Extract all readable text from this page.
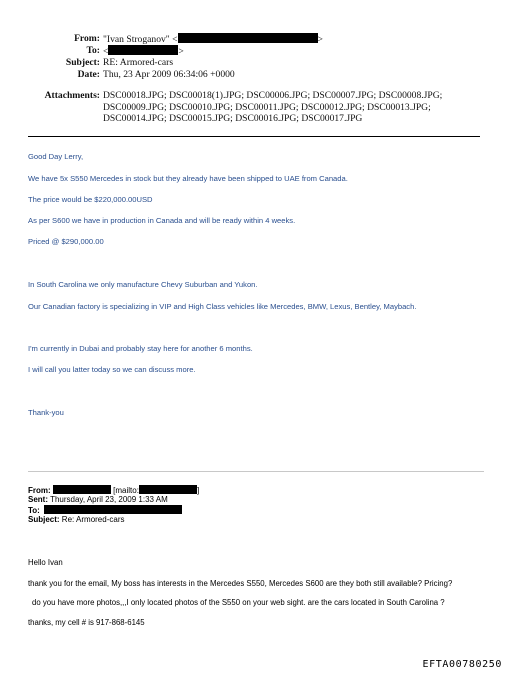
From: "Ivan Stroganov" <	>
To: <	>
Subject: RE: Armored-cars
Date: Thu, 23 Apr 2009 06:34:06 +0000
Attachments: DSC00018.JPG; DSC00018(1).JPG; DSC00006.JPG; DSC00007.JPG; DSC00008.JPG;
DSC00009.JPG; DSC00010.JPG; DSC00011.JPG; DSC00012.JPG; DSC00013.JPG;
DSC00014.JPG; DSC00015.JPG; DSC00016.JPG; DSC00017.JPG
Good Day Lerry,
We have 5x S550 Mercedes in stock but they already have been shipped to UAE from Canada.
The price would be $220,000.00USD
As per S600 we have in production in Canada and will be ready within 4 weeks.
Priced @ $290,000.00
In South Carolina we only manufacture Chevy Suburban and Yukon.
Our Canadian factory is specializing in VIP and High Class vehicles like Mercedes, BMW, Lexus, Bentley, Maybach.
I'm currently in Dubai and probably stay here for another 6 months.
I will call you latter today so we can discuss more.
Thank-you
From:	[mailto:	]
Sent: Thursday, April 23, 2009 1:33 AM
To:
Subject: Re: Armored-cars
Hello Ivan
thank you for the email, My boss has interests in the Mercedes S550, Mercedes S600 are they both still available? Pricing?
do you have more photos,,,I only located photos of the S550 on your web sight. are the cars located in South Carolina ?
thanks, my cell # is 917-868-6145
EFTA00780250
